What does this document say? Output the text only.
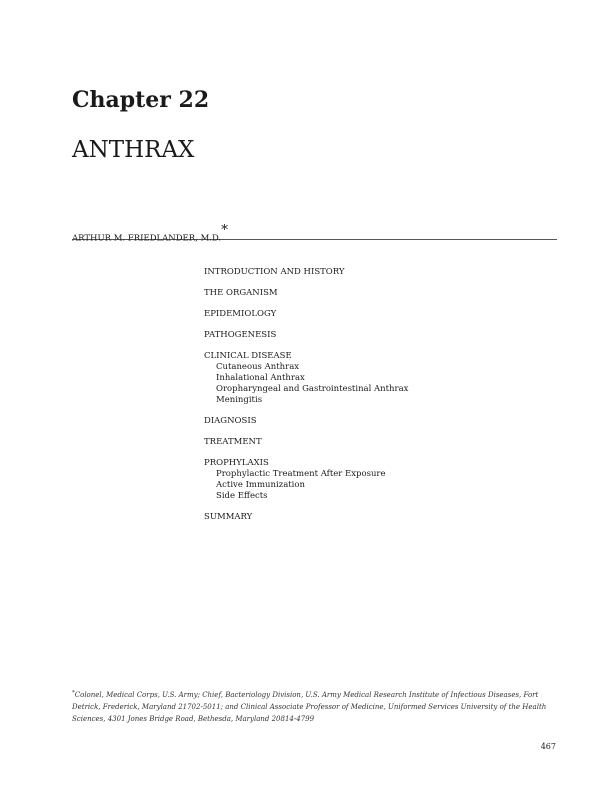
Chapter 22
ANTHRAX
ARTHUR M. FRIEDLANDER, M.D.*
INTRODUCTION AND HISTORY
THE ORGANISM
EPIDEMIOLOGY
PATHOGENESIS
CLINICAL DISEASE
Cutaneous Anthrax
Inhalational Anthrax
Oropharyngeal and Gastrointestinal Anthrax
Meningitis
DIAGNOSIS
TREATMENT
PROPHYLAXIS
Prophylactic Treatment After Exposure
Active Immunization
Side Effects
SUMMARY
*Colonel, Medical Corps, U.S. Army; Chief, Bacteriology Division, U.S. Army Medical Research Institute of Infectious Diseases, Fort Detrick, Frederick, Maryland 21702-5011; and Clinical Associate Professor of Medicine, Uniformed Services University of the Health Sciences, 4301 Jones Bridge Road, Bethesda, Maryland 20814-4799
467
